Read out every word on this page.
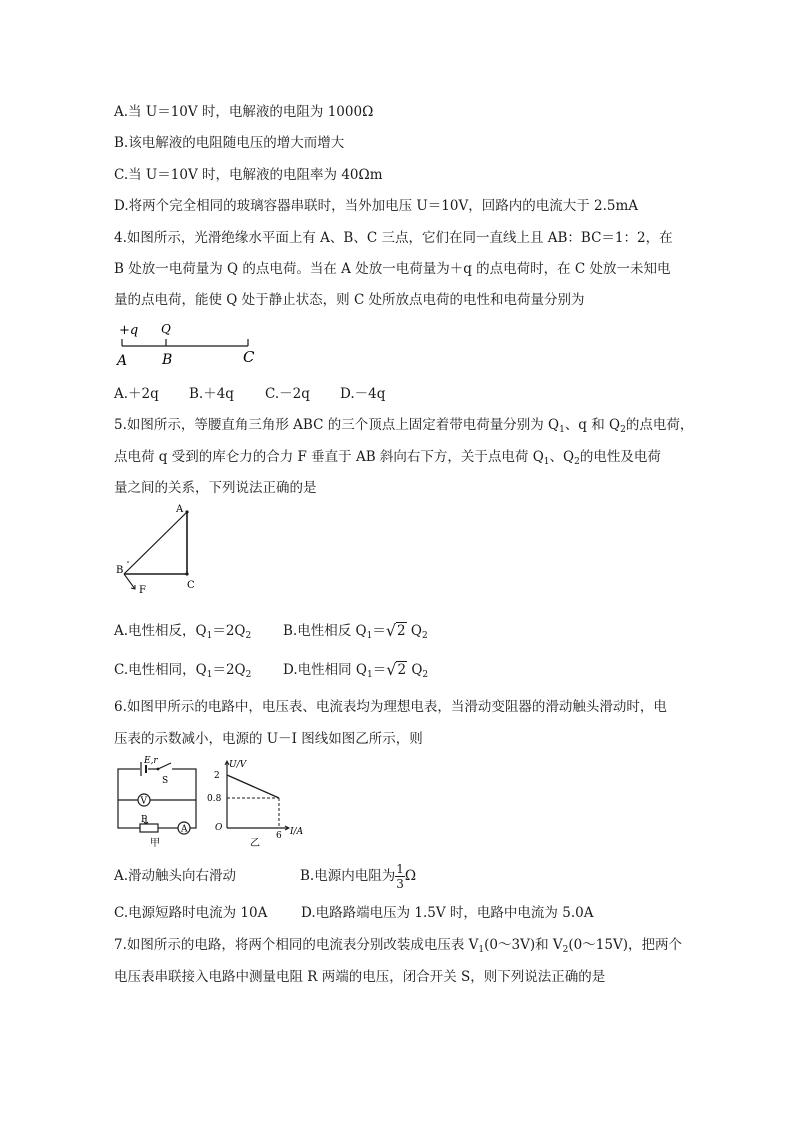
A.当 U＝10V 时，电解液的电阻为 1000Ω
B.该电解液的电阻随电压的增大而增大
C.当 U＝10V 时，电解液的电阻率为 40Ωm
D.将两个完全相同的玻璃容器串联时，当外加电压 U＝10V，回路内的电流大于 2.5mA
4.如图所示，光滑绝缘水平面上有 A、B、C 三点，它们在同一直线上且 AB：BC＝1：2，在
B 处放一电荷量为 Q 的点电荷。当在 A 处放一电荷量为＋q 的点电荷时，在 C 处放一未知电
量的点电荷，能使 Q 处于静止状态，则 C 处所放点电荷的电性和电荷量分别为
+q Q
A B	C
A.＋2q B.＋4q C.－2q D.－4q
5.如图所示，等腰直角三角形 ABC 的三个顶点上固定着带电荷量分别为 $Q_1$、q 和 $Q_2$的点电荷，
点电荷 q 受到的库仑力的合力 F 垂直于 AB 斜向右下方，关于点电荷 $Q_1$、$Q_2$的电性及电荷
量之间的关系，下列说法正确的是
A
B
C
F
A.电性相反，$Q_1=2Q_2$ B.电性相反 $Q_1=√2$ $Q_2$
C.电性相同，$Q_1=2Q_2$ D.电性相同 $Q_1=√2$ $Q_2$
6.如图甲所示的电路中，电压表、电流表均为理想电表，当滑动变阻器的滑动触头滑动时，电
压表的示数减小，电源的 U－I 图线如图乙所示，则
E,r
S
V
P
A
甲
U/V
2
0.8
O
6 I/A
乙
A.滑动触头向右滑动	B.电源内电阻为 $\frac{1}{3}$ Ω
C.电源短路时电流为 10A D.电路路端电压为 1.5V 时，电路中电流为 5.0A
7.如图所示的电路，将两个相同的电流表分别改装成电压表 $V_1(0\sim 3V)$和 $V_2(0\sim 15V)$，把两个
电压表串联接入电路中测量电阻 R 两端的电压，闭合开关 S，则下列说法正确的是
